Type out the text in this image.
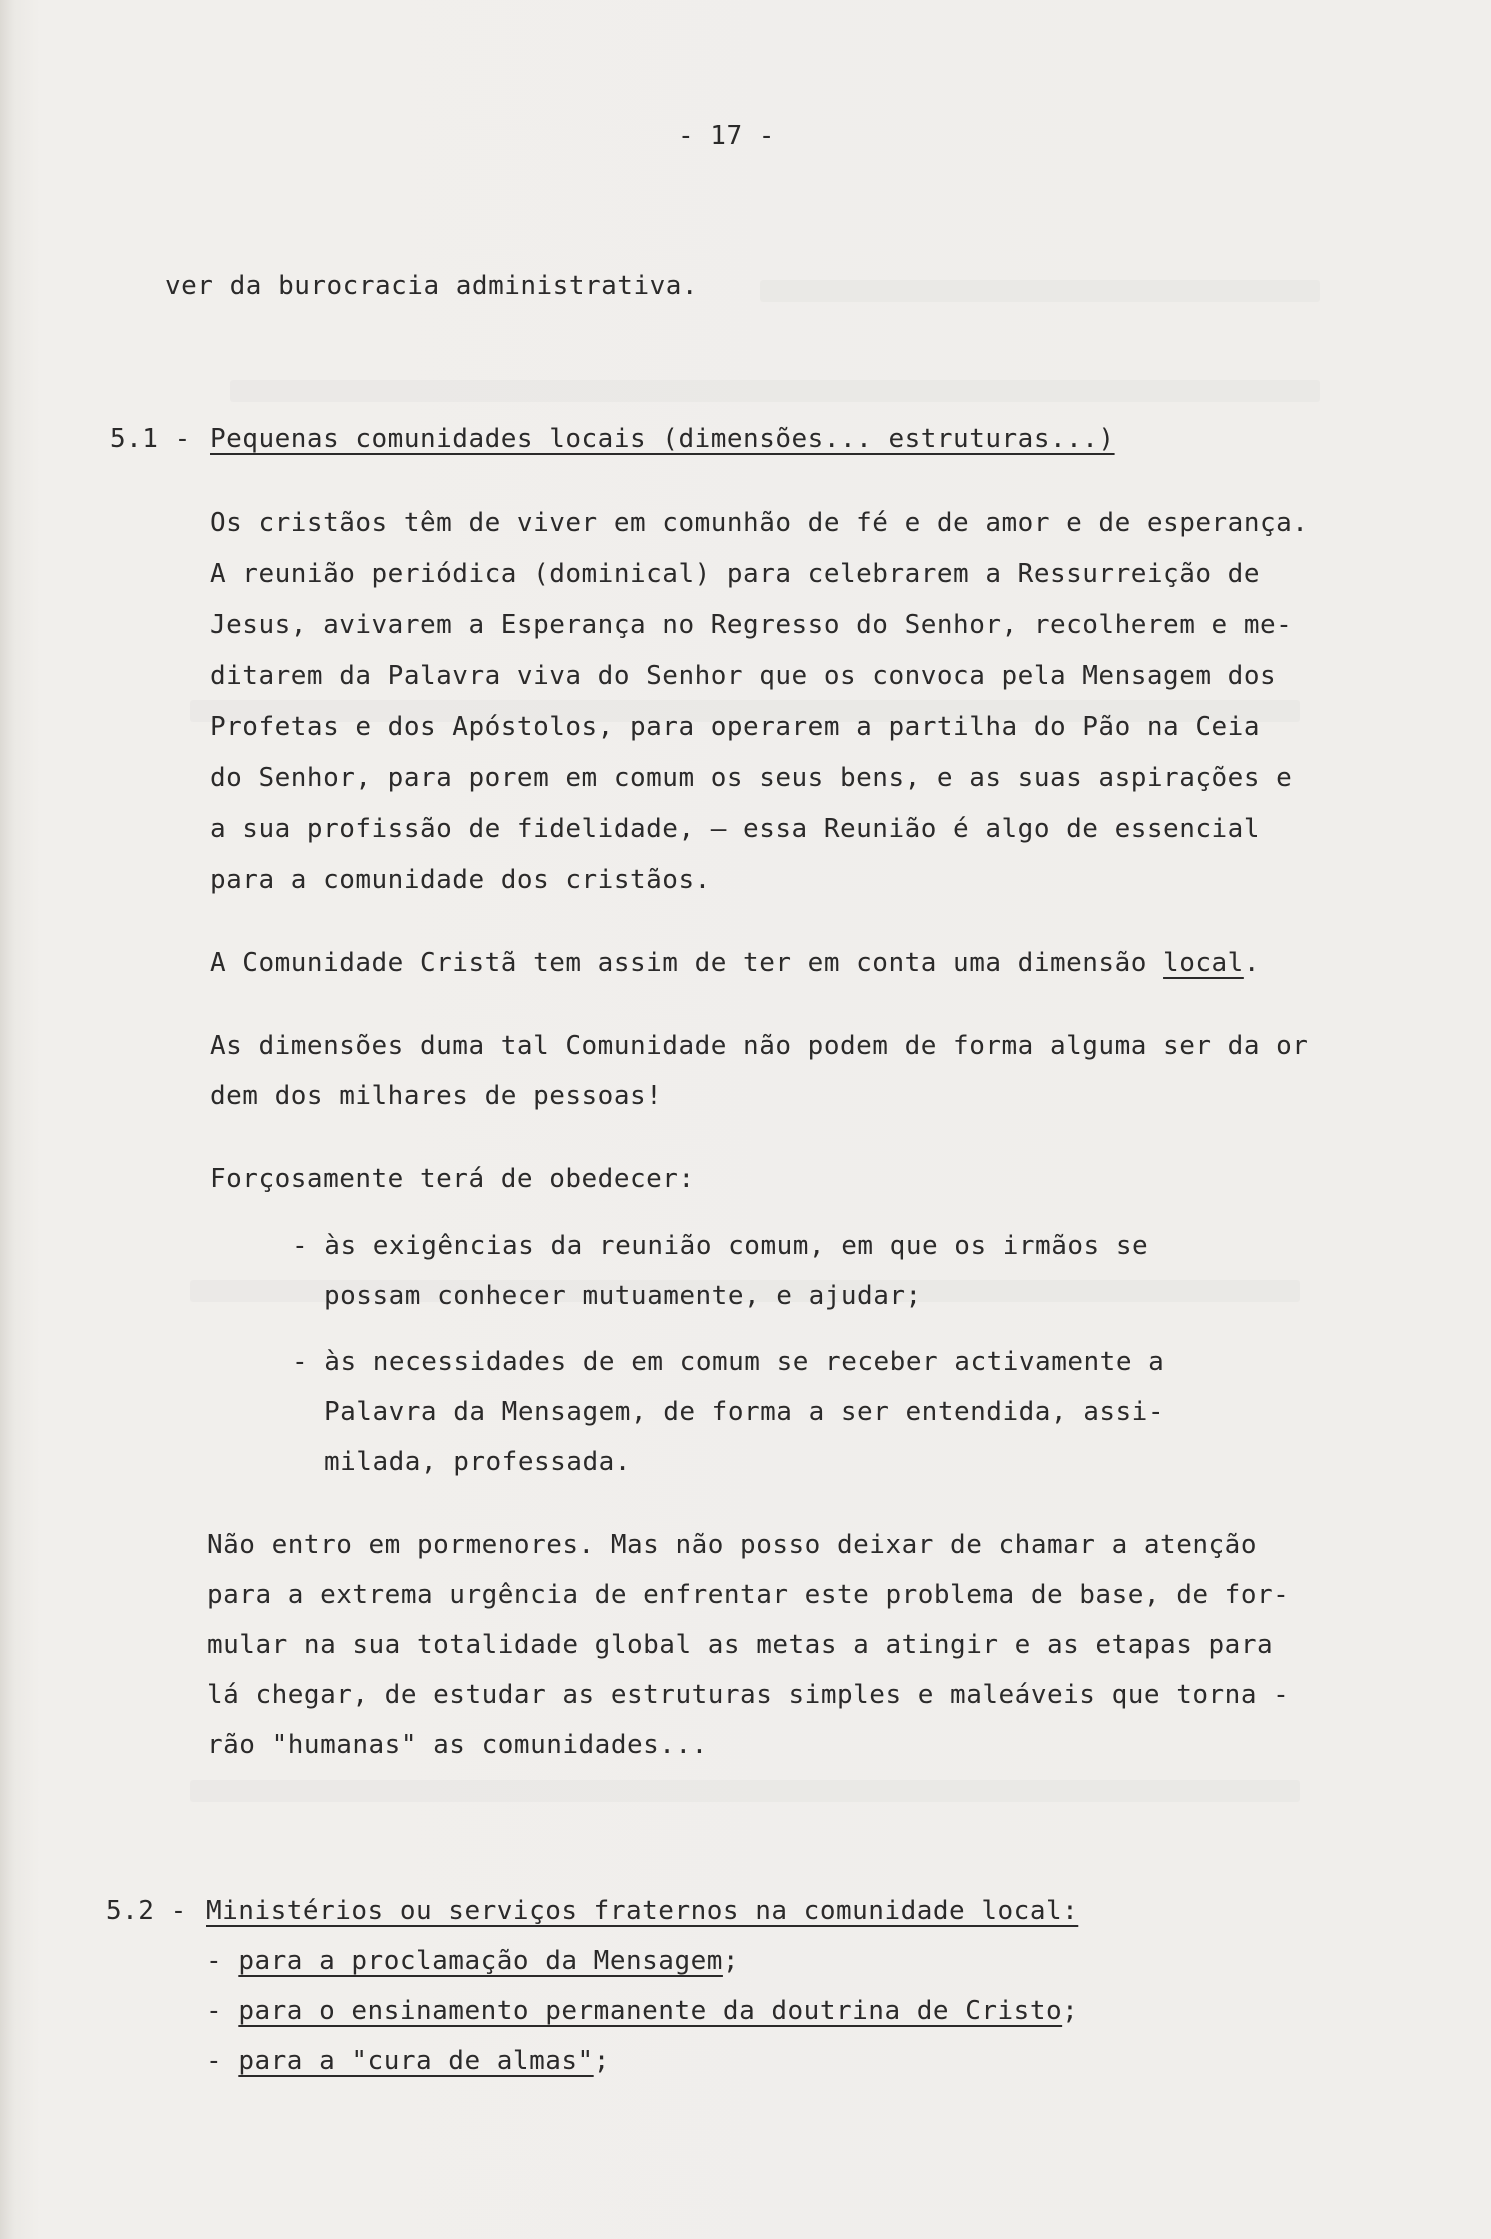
- 17 -
ver da burocracia administrativa.
5.1 - Pequenas comunidades locais (dimensões... estruturas...)
Os cristãos têm de viver em comunhão de fé e de amor e de esperança.
A reunião periódica (dominical) para celebrarem a Ressurreição de
Jesus, avivarem a Esperança no Regresso do Senhor, recolherem e me-
ditarem da Palavra viva do Senhor que os convoca pela Mensagem dos
Profetas e dos Apóstolos, para operarem a partilha do Pão na Ceia
do Senhor, para porem em comum os seus bens, e as suas aspirações e
a sua profissão de fidelidade, — essa Reunião é algo de essencial
para a comunidade dos cristãos.
A Comunidade Cristã tem assim de ter em conta uma dimensão local.
As dimensões duma tal Comunidade não podem de forma alguma ser da or
dem dos milhares de pessoas!
Forçosamente terá de obedecer:
- às exigências da reunião comum, em que os irmãos se
possam conhecer mutuamente, e ajudar;
- às necessidades de em comum se receber activamente a
Palavra da Mensagem, de forma a ser entendida, assi-
milada, professada.
Não entro em pormenores. Mas não posso deixar de chamar a atenção
para a extrema urgência de enfrentar este problema de base, de for-
mular na sua totalidade global as metas a atingir e as etapas para
lá chegar, de estudar as estruturas simples e maleáveis que torna -
rão "humanas" as comunidades...
5.2 - Ministérios ou serviços fraternos na comunidade local:
- para a proclamação da Mensagem;
- para o ensinamento permanente da doutrina de Cristo;
- para a "cura de almas";
